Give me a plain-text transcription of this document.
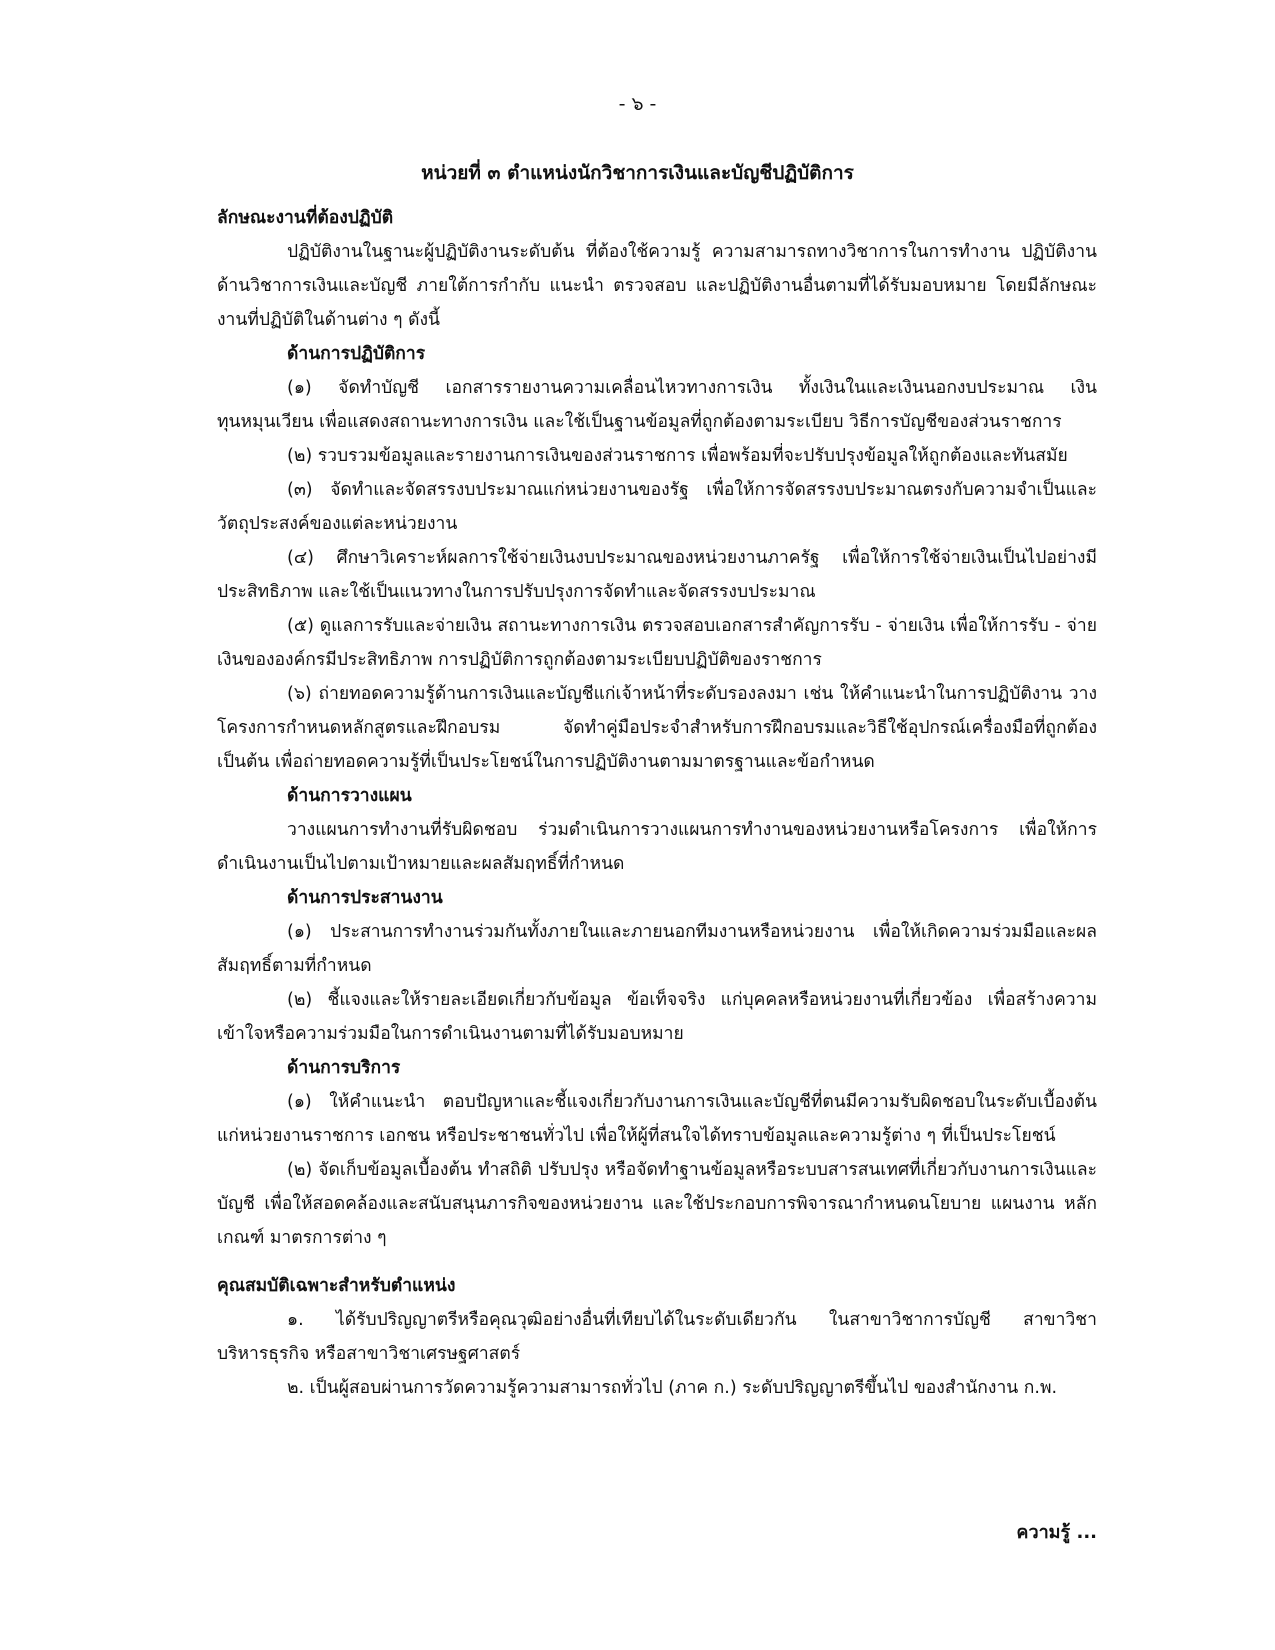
- ๖ -
หน่วยที่ ๓ ตำแหน่งนักวิชาการเงินและบัญชีปฏิบัติการ

ลักษณะงานที่ต้องปฏิบัติ

ปฏิบัติงานในฐานะผู้ปฏิบัติงานระดับต้น ที่ต้องใช้ความรู้ ความสามารถทางวิชาการในการทำงาน ปฏิบัติงานด้านวิชาการเงินและบัญชี ภายใต้การกำกับ แนะนำ ตรวจสอบ และปฏิบัติงานอื่นตามที่ได้รับมอบหมาย โดยมีลักษณะงานที่ปฏิบัติในด้านต่าง ๆ ดังนี้

ด้านการปฏิบัติการ

(๑) จัดทำบัญชี เอกสารรายงานความเคลื่อนไหวทางการเงิน ทั้งเงินในและเงินนอกงบประมาณ เงินทุนหมุนเวียน เพื่อแสดงสถานะทางการเงิน และใช้เป็นฐานข้อมูลที่ถูกต้องตามระเบียบ วิธีการบัญชีของส่วนราชการ

(๒) รวบรวมข้อมูลและรายงานการเงินของส่วนราชการ เพื่อพร้อมที่จะปรับปรุงข้อมูลให้ถูกต้องและทันสมัย

(๓) จัดทำและจัดสรรงบประมาณแก่หน่วยงานของรัฐ เพื่อให้การจัดสรรงบประมาณตรงกับความจำเป็นและวัตถุประสงค์ของแต่ละหน่วยงาน

(๔) ศึกษาวิเคราะห์ผลการใช้จ่ายเงินงบประมาณของหน่วยงานภาครัฐ เพื่อให้การใช้จ่ายเงินเป็นไปอย่างมีประสิทธิภาพ และใช้เป็นแนวทางในการปรับปรุงการจัดทำและจัดสรรงบประมาณ

(๕) ดูแลการรับและจ่ายเงิน สถานะทางการเงิน ตรวจสอบเอกสารสำคัญการรับ - จ่ายเงิน เพื่อให้การรับ - จ่ายเงินขององค์กรมีประสิทธิภาพ การปฏิบัติการถูกต้องตามระเบียบปฏิบัติของราชการ

(๖) ถ่ายทอดความรู้ด้านการเงินและบัญชีแก่เจ้าหน้าที่ระดับรองลงมา เช่น ให้คำแนะนำในการปฏิบัติงาน วางโครงการกำหนดหลักสูตรและฝึกอบรม จัดทำคู่มือประจำสำหรับการฝึกอบรมและวิธีใช้อุปกรณ์เครื่องมือที่ถูกต้อง เป็นต้น เพื่อถ่ายทอดความรู้ที่เป็นประโยชน์ในการปฏิบัติงานตามมาตรฐานและข้อกำหนด

ด้านการวางแผน

วางแผนการทำงานที่รับผิดชอบ ร่วมดำเนินการวางแผนการทำงานของหน่วยงานหรือโครงการ เพื่อให้การดำเนินงานเป็นไปตามเป้าหมายและผลสัมฤทธิ์ที่กำหนด

ด้านการประสานงาน

(๑) ประสานการทำงานร่วมกันทั้งภายในและภายนอกทีมงานหรือหน่วยงาน เพื่อให้เกิดความร่วมมือและผลสัมฤทธิ์ตามที่กำหนด

(๒) ชี้แจงและให้รายละเอียดเกี่ยวกับข้อมูล ข้อเท็จจริง แก่บุคคลหรือหน่วยงานที่เกี่ยวข้อง เพื่อสร้างความเข้าใจหรือความร่วมมือในการดำเนินงานตามที่ได้รับมอบหมาย

ด้านการบริการ

(๑) ให้คำแนะนำ ตอบปัญหาและชี้แจงเกี่ยวกับงานการเงินและบัญชีที่ตนมีความรับผิดชอบในระดับเบื้องต้น แก่หน่วยงานราชการ เอกชน หรือประชาชนทั่วไป เพื่อให้ผู้ที่สนใจได้ทราบข้อมูลและความรู้ต่าง ๆ ที่เป็นประโยชน์

(๒) จัดเก็บข้อมูลเบื้องต้น ทำสถิติ ปรับปรุง หรือจัดทำฐานข้อมูลหรือระบบสารสนเทศที่เกี่ยวกับงานการเงินและบัญชี เพื่อให้สอดคล้องและสนับสนุนภารกิจของหน่วยงาน และใช้ประกอบการพิจารณากำหนดนโยบาย แผนงาน หลักเกณฑ์ มาตรการต่าง ๆ

คุณสมบัติเฉพาะสำหรับตำแหน่ง

๑. ได้รับปริญญาตรีหรือคุณวุฒิอย่างอื่นที่เทียบได้ในระดับเดียวกัน ในสาขาวิชาการบัญชี สาขาวิชาบริหารธุรกิจ หรือสาขาวิชาเศรษฐศาสตร์

๒. เป็นผู้สอบผ่านการวัดความรู้ความสามารถทั่วไป (ภาค ก.) ระดับปริญญาตรีขึ้นไป ของสำนักงาน ก.พ.

ความรู้ ...
